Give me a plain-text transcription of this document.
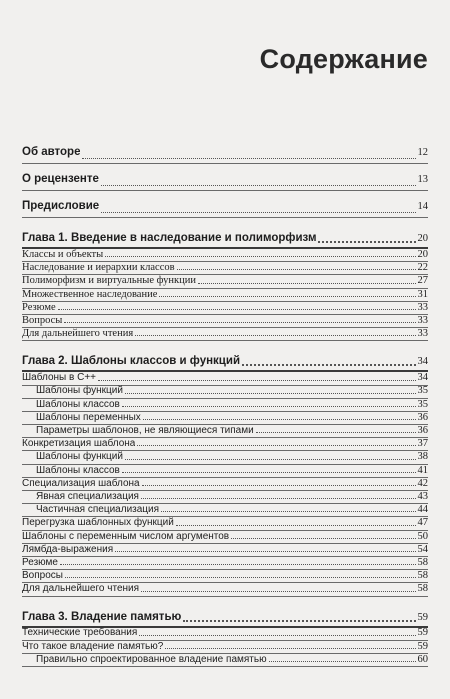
Содержание
Об авторе	12
О рецензенте	13
Предисловие	14
Глава 1. Введение в наследование и полиморфизм	20
Классы и объекты	20
Наследование и иерархии классов	22
Полиморфизм и виртуальные функции	27
Множественное наследование	31
Резюме	33
Вопросы	33
Для дальнейшего чтения	33
Глава 2. Шаблоны классов и функций	34
Шаблоны в C++	34
Шаблоны функций	35
Шаблоны классов	35
Шаблоны переменных	36
Параметры шаблонов, не являющиеся типами	36
Конкретизация шаблона	37
Шаблоны функций	38
Шаблоны классов	41
Специализация шаблона	42
Явная специализация	43
Частичная специализация	44
Перегрузка шаблонных функций	47
Шаблоны с переменным числом аргументов	50
Лямбда-выражения	54
Резюме	58
Вопросы	58
Для дальнейшего чтения	58
Глава 3. Владение памятью	59
Технические требования	59
Что такое владение памятью?	59
Правильно спроектированное владение памятью	60
